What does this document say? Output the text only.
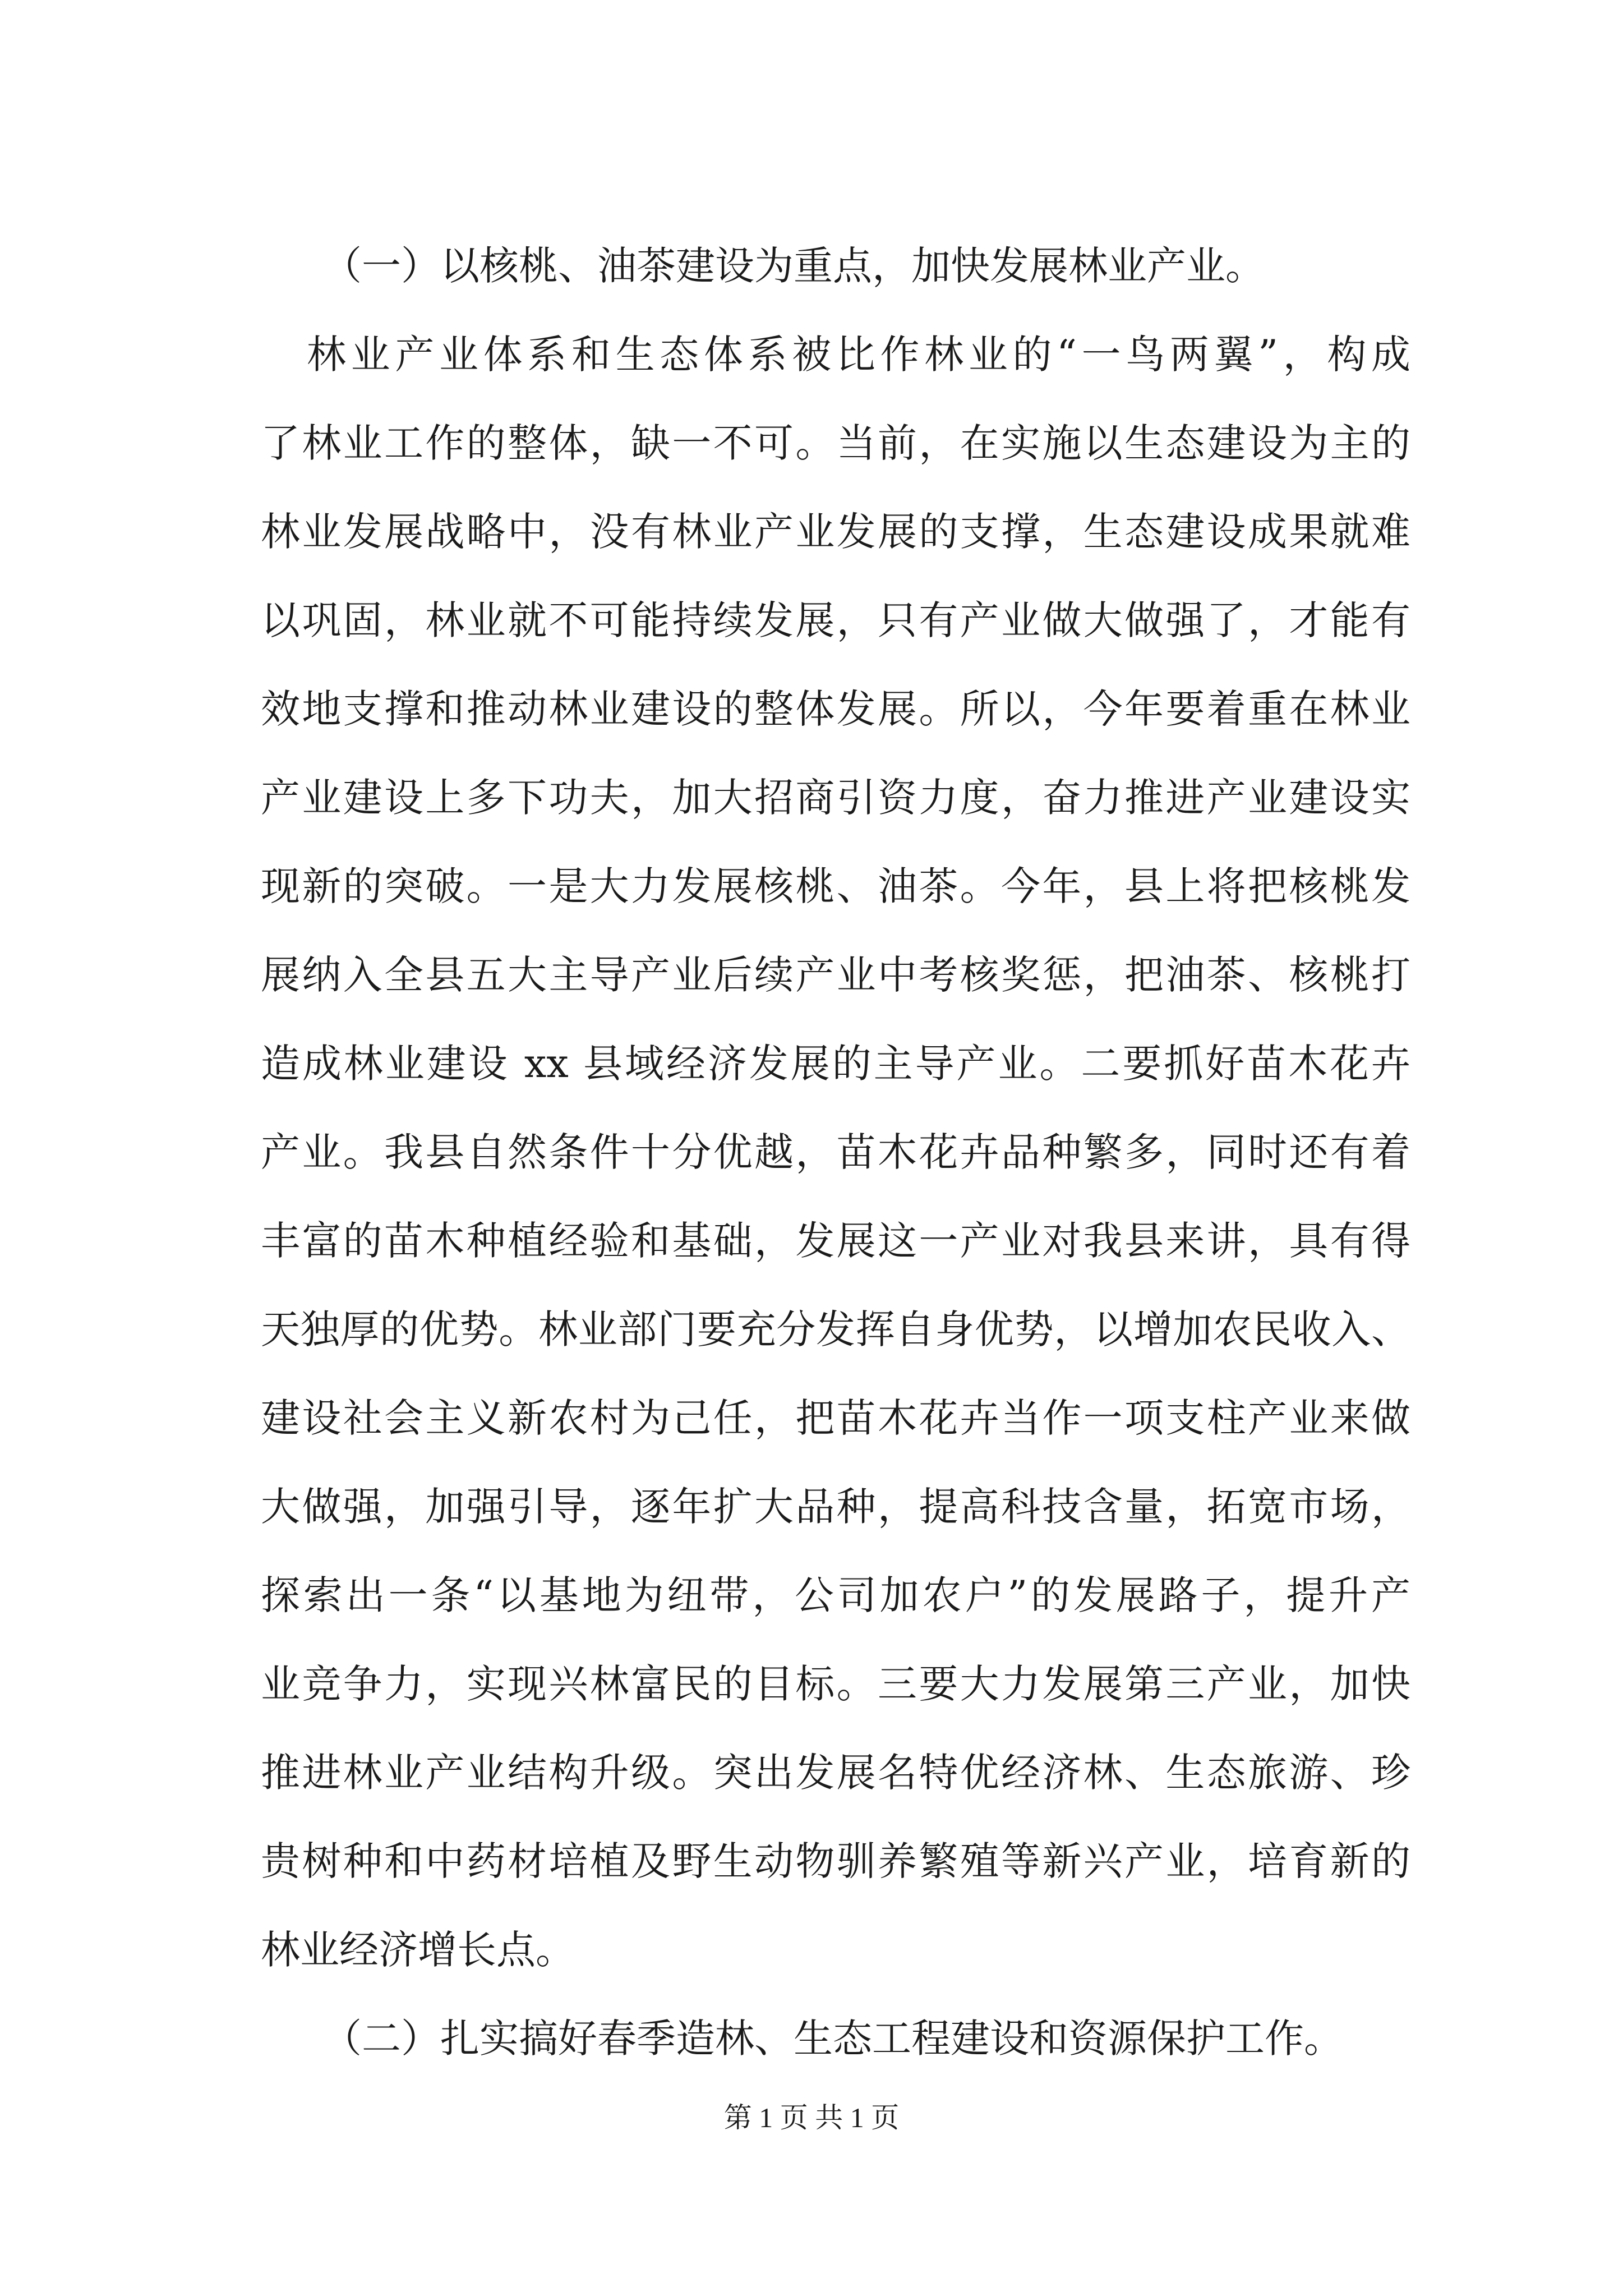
（一）以核桃、油茶建设为重点，加快发展林业产业。
林业产业体系和生态体系被比作林业的“一鸟两翼”，构成
了林业工作的整体，缺一不可。当前，在实施以生态建设为主的
林业发展战略中，没有林业产业发展的支撑，生态建设成果就难
以巩固，林业就不可能持续发展，只有产业做大做强了，才能有
效地支撑和推动林业建设的整体发展。所以，今年要着重在林业
产业建设上多下功夫，加大招商引资力度，奋力推进产业建设实
现新的突破。一是大力发展核桃、油茶。今年，县上将把核桃发
展纳入全县五大主导产业后续产业中考核奖惩，把油茶、核桃打
造成林业建设 xx 县域经济发展的主导产业。二要抓好苗木花卉
产业。我县自然条件十分优越，苗木花卉品种繁多，同时还有着
丰富的苗木种植经验和基础，发展这一产业对我县来讲，具有得
天独厚的优势。林业部门要充分发挥自身优势，以增加农民收入、
建设社会主义新农村为己任，把苗木花卉当作一项支柱产业来做
大做强，加强引导，逐年扩大品种，提高科技含量，拓宽市场，
探索出一条“以基地为纽带，公司加农户”的发展路子，提升产
业竞争力，实现兴林富民的目标。三要大力发展第三产业，加快
推进林业产业结构升级。突出发展名特优经济林、生态旅游、珍
贵树种和中药材培植及野生动物驯养繁殖等新兴产业，培育新的
林业经济增长点。
（二）扎实搞好春季造林、生态工程建设和资源保护工作。
第 1 页 共 1 页
